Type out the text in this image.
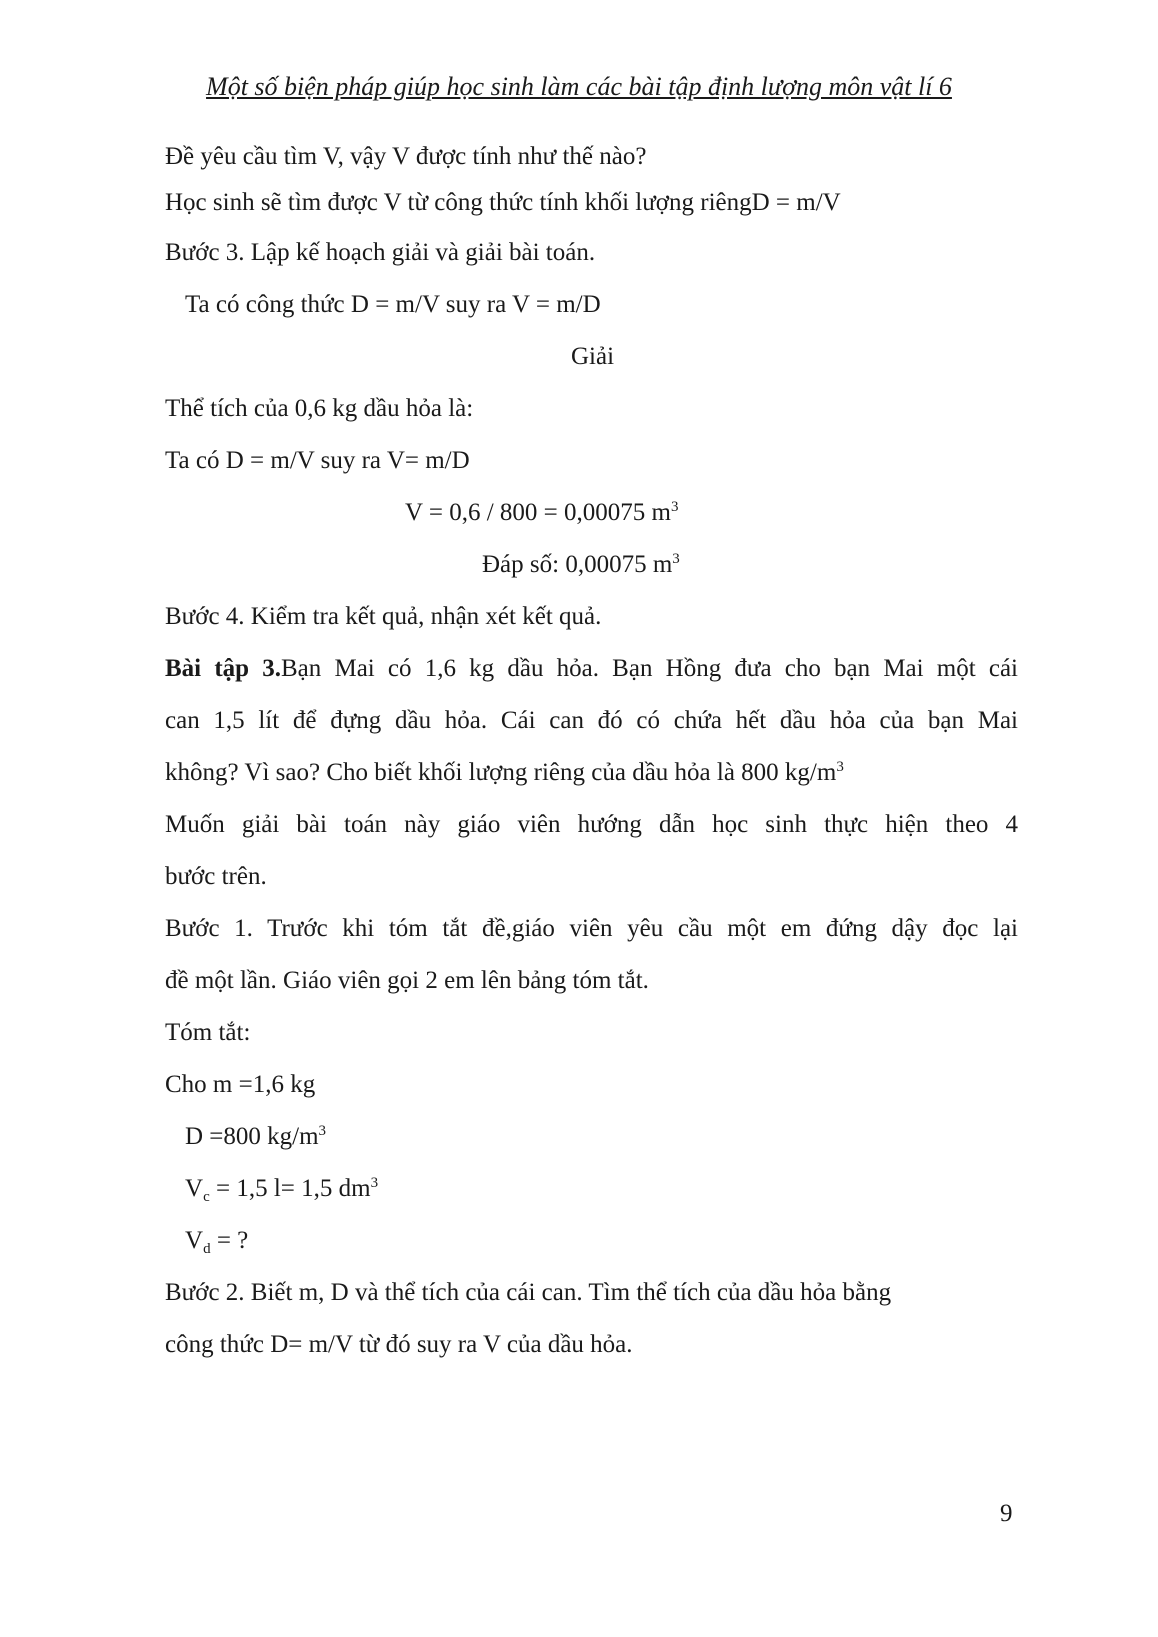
Một số biện pháp giúp học sinh làm các bài tập định lượng môn vật lí 6
Đề yêu cầu tìm V, vậy V được tính như thế nào?
Học sinh sẽ tìm được V từ công thức tính khối lượng riêngD = m/V
Bước 3. Lập kế hoạch giải và giải bài toán.
Ta có công thức D = m/V suy ra V = m/D
Giải
Thể tích của 0,6 kg dầu hỏa là:
Ta có D = m/V suy ra V= m/D
V = 0,6 / 800 = 0,00075 $m^3$
Đáp số: 0,00075 $m^3$
Bước 4. Kiểm tra kết quả, nhận xét kết quả.
Bài tập 3.Bạn Mai có 1,6 kg dầu hỏa. Bạn Hồng đưa cho bạn Mai một cái
can 1,5 lít để đựng dầu hỏa. Cái can đó có chứa hết dầu hỏa của bạn Mai
không? Vì sao? Cho biết khối lượng riêng của dầu hỏa là 800 $kg/m^3$
Muốn giải bài toán này giáo viên hướng dẫn học sinh thực hiện theo 4
bước trên.
Bước 1. Trước khi tóm tắt đề,giáo viên yêu cầu một em đứng dậy đọc lại
đề một lần. Giáo viên gọi 2 em lên bảng tóm tắt.
Tóm tắt:
Cho m =1,6 kg
D =800 $kg/m^3$
$V_c = 1,5$ l= 1,5 $dm^3$
$V_d$ = ?
Bước 2. Biết m, D và thể tích của cái can. Tìm thể tích của dầu hỏa bằng
công thức D= m/V từ đó suy ra V của dầu hỏa.
9
